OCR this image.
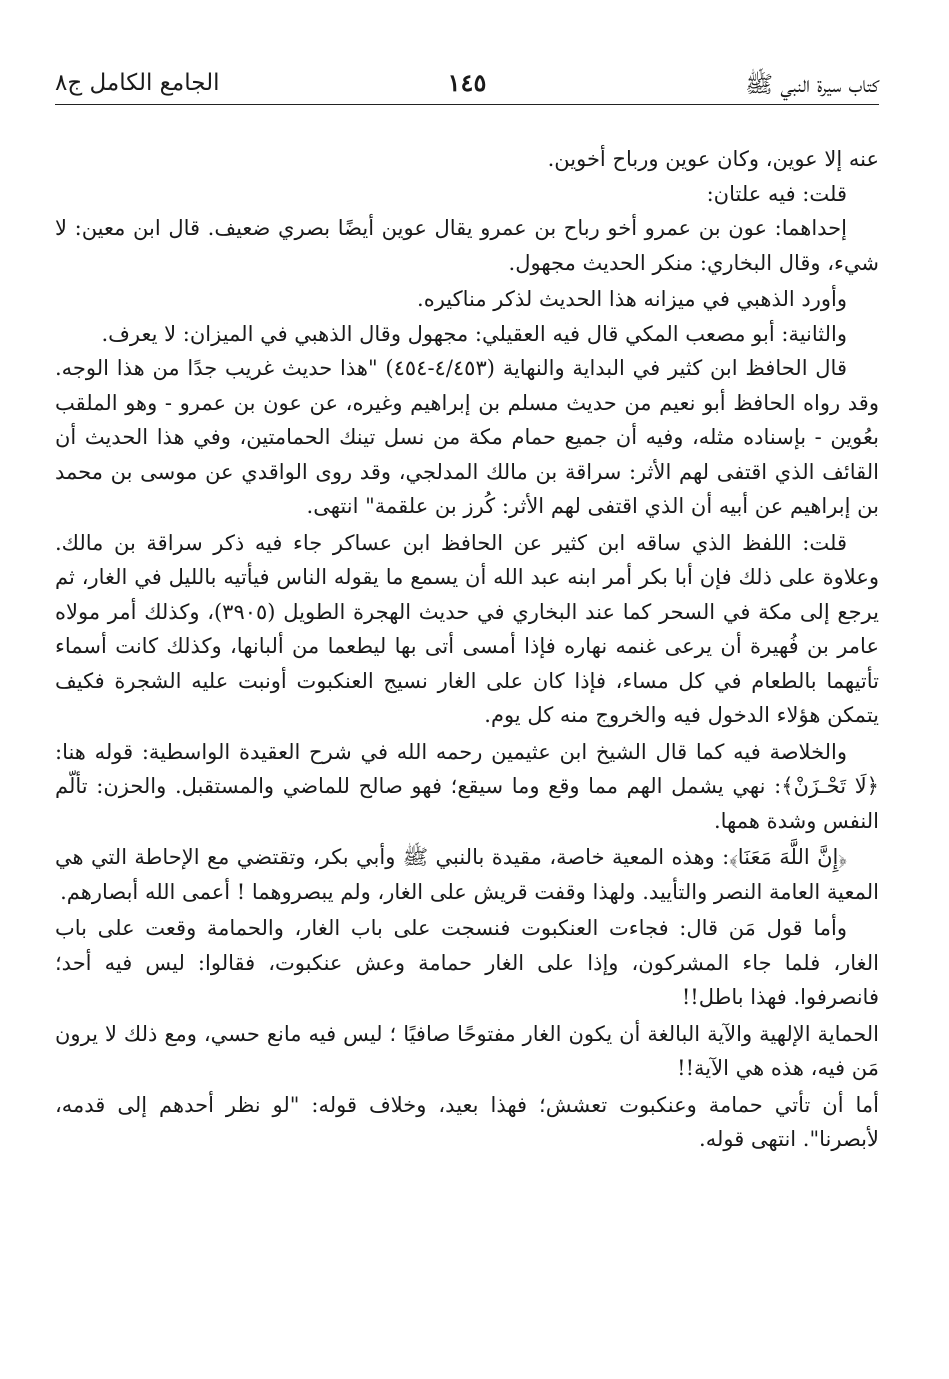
كتاب سيرة النبي ﷺ
١٤٥
الجامع الكامل ج٨

عنه إلا عوين، وكان عوين ورباح أخوين.

قلت: فيه علتان:

إحداهما: عون بن عمرو أخو رباح بن عمرو يقال عوين أيضًا بصري ضعيف. قال ابن معين: لا شيء، وقال البخاري: منكر الحديث مجهول.

وأورد الذهبي في ميزانه هذا الحديث لذكر مناكيره.

والثانية: أبو مصعب المكي قال فيه العقيلي: مجهول وقال الذهبي في الميزان: لا يعرف.

قال الحافظ ابن كثير في البداية والنهاية (٤/٤٥٣-٤٥٤) "هذا حديث غريب جدًا من هذا الوجه. وقد رواه الحافظ أبو نعيم من حديث مسلم بن إبراهيم وغيره، عن عون بن عمرو - وهو الملقب بعُوين - بإسناده مثله، وفيه أن جميع حمام مكة من نسل تينك الحمامتين، وفي هذا الحديث أن القائف الذي اقتفى لهم الأثر: سراقة بن مالك المدلجي، وقد روى الواقدي عن موسى بن محمد بن إبراهيم عن أبيه أن الذي اقتفى لهم الأثر: كُرز بن علقمة" انتهى.

قلت: اللفظ الذي ساقه ابن كثير عن الحافظ ابن عساكر جاء فيه ذكر سراقة بن مالك. وعلاوة على ذلك فإن أبا بكر أمر ابنه عبد الله أن يسمع ما يقوله الناس فيأتيه بالليل في الغار، ثم يرجع إلى مكة في السحر كما عند البخاري في حديث الهجرة الطويل (٣٩٠٥)، وكذلك أمر مولاه عامر بن فُهيرة أن يرعى غنمه نهاره فإذا أمسى أتى بها ليطعما من ألبانها، وكذلك كانت أسماء تأتيهما بالطعام في كل مساء، فإذا كان على الغار نسيج العنكبوت أونبت عليه الشجرة فكيف يتمكن هؤلاء الدخول فيه والخروج منه كل يوم.

والخلاصة فيه كما قال الشيخ ابن عثيمين رحمه الله في شرح العقيدة الواسطية: قوله هنا: ﴿لَا تَحْـزَنْ﴾: نهي يشمل الهم مما وقع وما سيقع؛ فهو صالح للماضي والمستقبل. والحزن: تألّم النفس وشدة همها.

﴿إِنَّ اللَّهَ مَعَنَا﴾: وهذه المعية خاصة، مقيدة بالنبي ﷺ وأبي بكر، وتقتضي مع الإحاطة التي هي المعية العامة النصر والتأييد. ولهذا وقفت قريش على الغار، ولم يبصروهما ! أعمى الله أبصارهم.

وأما قول مَن قال: فجاءت العنكبوت فنسجت على باب الغار، والحمامة وقعت على باب الغار، فلما جاء المشركون، وإذا على الغار حمامة وعش عنكبوت، فقالوا: ليس فيه أحد؛ فانصرفوا. فهذا باطل!!

الحماية الإلهية والآية البالغة أن يكون الغار مفتوحًا صافيًا ؛ ليس فيه مانع حسي، ومع ذلك لا يرون مَن فيه، هذه هي الآية!!

أما أن تأتي حمامة وعنكبوت تعشش؛ فهذا بعيد، وخلاف قوله: "لو نظر أحدهم إلى قدمه، لأبصرنا". انتهى قوله.
